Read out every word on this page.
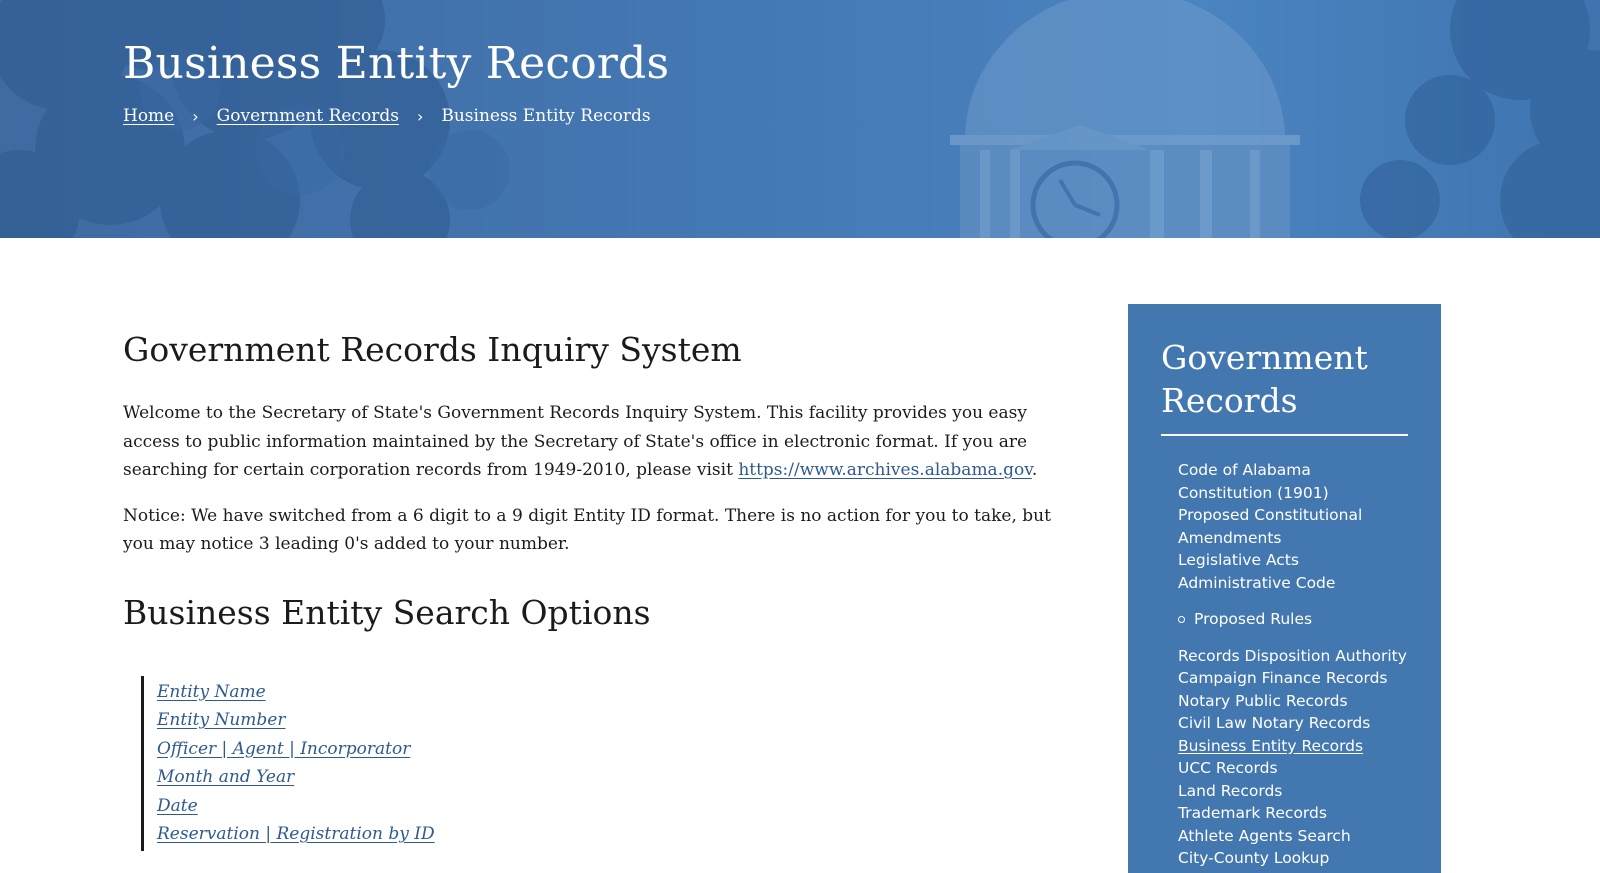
Business Entity Records
Home › Government Records › Business Entity Records
Government Records Inquiry System

Welcome to the Secretary of State's Government Records Inquiry System. This facility provides you easy access to public information maintained by the Secretary of State's office in electronic format. If you are searching for certain corporation records from 1949-2010, please visit https://www.archives.alabama.gov.

Notice: We have switched from a 6 digit to a 9 digit Entity ID format. There is no action for you to take, but you may notice 3 leading 0's added to your number.

Business Entity Search Options
Entity Name
Entity Number
Officer | Agent | Incorporator
Month and Year
Date
Reservation | Registration by ID
Government Records
Code of Alabama
Constitution (1901)
Proposed Constitutional Amendments
Legislative Acts
Administrative Code
Proposed Rules
Records Disposition Authority
Campaign Finance Records
Notary Public Records
Civil Law Notary Records
Business Entity Records
UCC Records
Land Records
Trademark Records
Athlete Agents Search
City-County Lookup
